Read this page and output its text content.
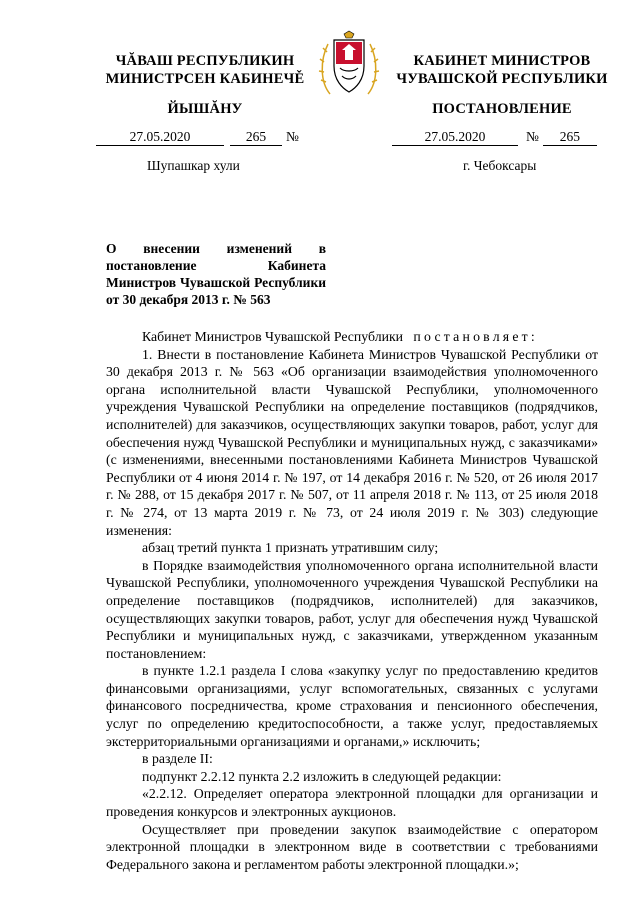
ЧĂВАШ РЕСПУБЛИКИН
МИНИСТРСЕН КАБИНЕЧĚ
ЙЫШĂНУ
КАБИНЕТ МИНИСТРОВ
ЧУВАШСКОЙ РЕСПУБЛИКИ
ПОСТАНОВЛЕНИЕ
27.05.2020	265 №	27.05.2020	№ 265
Шупашкар хули	г. Чебоксары
О внесении изменений в постановление Кабинета Министров Чувашской Республики от 30 декабря 2013 г. № 563

Кабинет Министров Чувашской Республики постановляет:

1. Внести в постановление Кабинета Министров Чувашской Республики от 30 декабря 2013 г. № 563 «Об организации взаимодействия уполномоченного органа исполнительной власти Чувашской Республики, уполномоченного учреждения Чувашской Республики на определение поставщиков (подрядчиков, исполнителей) для заказчиков, осуществляющих закупки товаров, работ, услуг для обеспечения нужд Чувашской Республики и муниципальных нужд, с заказчиками» (с изменениями, внесенными постановлениями Кабинета Министров Чувашской Республики от 4 июня 2014 г. № 197, от 14 декабря 2016 г. № 520, от 26 июля 2017 г. № 288, от 15 декабря 2017 г. № 507, от 11 апреля 2018 г. № 113, от 25 июля 2018 г. № 274, от 13 марта 2019 г. № 73, от 24 июля 2019 г. № 303) следующие изменения:

абзац третий пункта 1 признать утратившим силу;

в Порядке взаимодействия уполномоченного органа исполнительной власти Чувашской Республики, уполномоченного учреждения Чувашской Республики на определение поставщиков (подрядчиков, исполнителей) для заказчиков, осуществляющих закупки товаров, работ, услуг для обеспечения нужд Чувашской Республики и муниципальных нужд, с заказчиками, утвержденном указанным постановлением:

в пункте 1.2.1 раздела I слова «закупку услуг по предоставлению кредитов финансовыми организациями, услуг вспомогательных, связанных с услугами финансового посредничества, кроме страхования и пенсионного обеспечения, услуг по определению кредитоспособности, а также услуг, предоставляемых экстерриториальными организациями и органами,» исключить;

в разделе II:

подпункт 2.2.12 пункта 2.2 изложить в следующей редакции:

«2.2.12. Определяет оператора электронной площадки для организации и проведения конкурсов и электронных аукционов.

Осуществляет при проведении закупок взаимодействие с оператором электронной площадки в электронном виде в соответствии с требованиями Федерального закона и регламентом работы электронной площадки.»;
